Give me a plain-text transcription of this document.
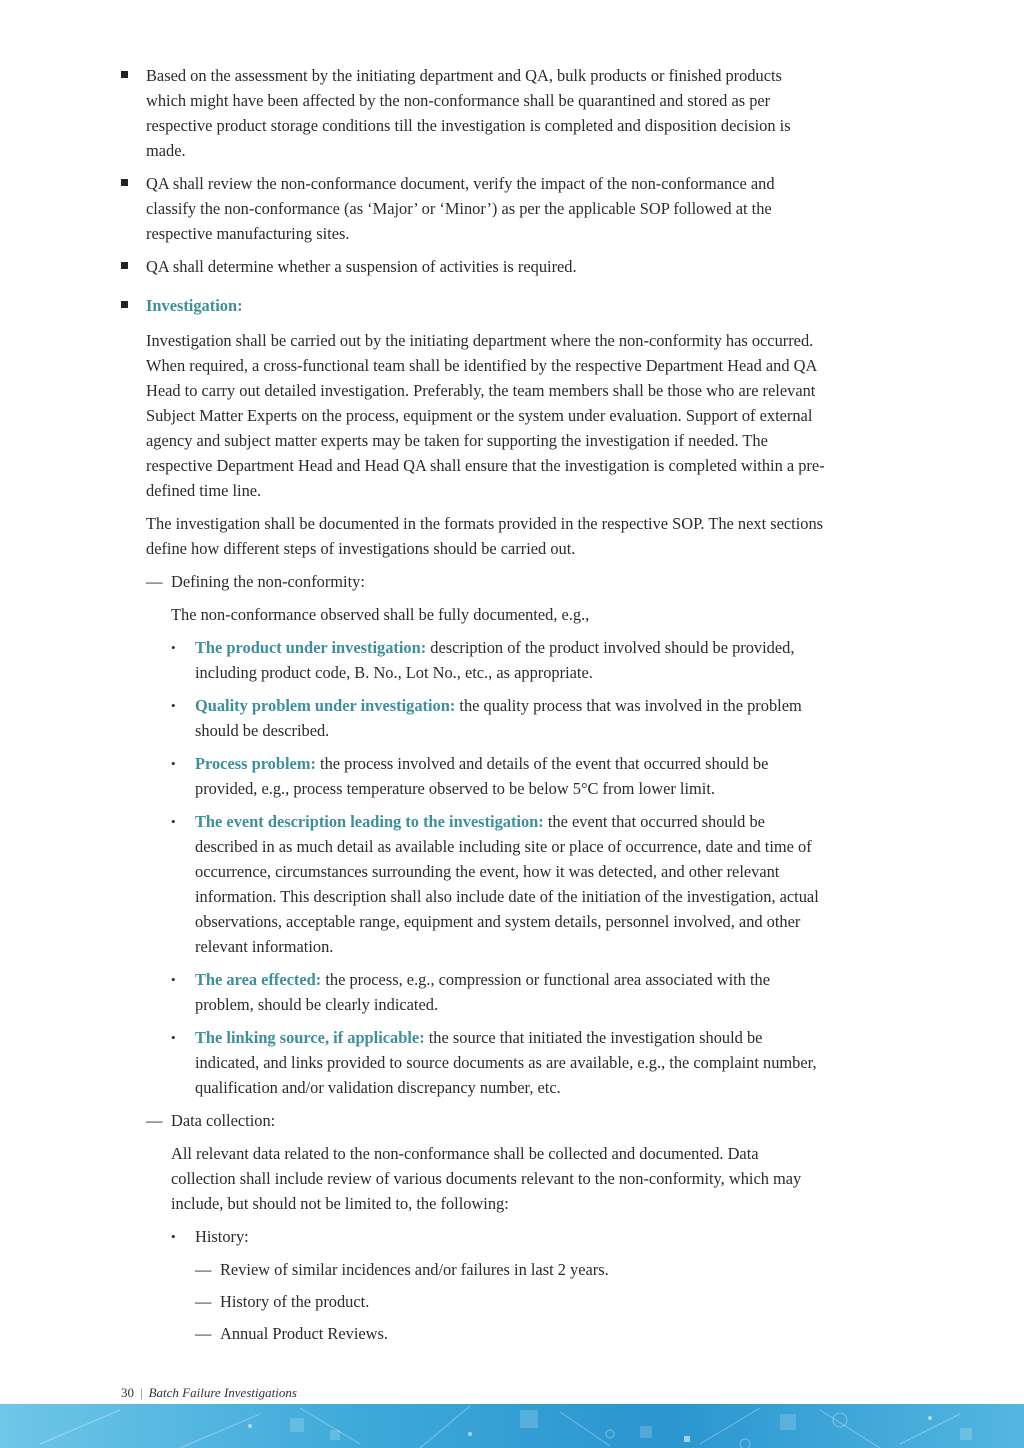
Based on the assessment by the initiating department and QA, bulk products or finished products which might have been affected by the non-conformance shall be quarantined and stored as per respective product storage conditions till the investigation is completed and disposition decision is made.
QA shall review the non-conformance document, verify the impact of the non-conformance and classify the non-conformance (as ‘Major’ or ‘Minor’) as per the applicable SOP followed at the respective manufacturing sites.
QA shall determine whether a suspension of activities is required.
Investigation:
Investigation shall be carried out by the initiating department where the non-conformity has occurred. When required, a cross-functional team shall be identified by the respective Department Head and QA Head to carry out detailed investigation. Preferably, the team members shall be those who are relevant Subject Matter Experts on the process, equipment or the system under evaluation. Support of external agency and subject matter experts may be taken for supporting the investigation if needed. The respective Department Head and Head QA shall ensure that the investigation is completed within a pre-defined time line.
The investigation shall be documented in the formats provided in the respective SOP. The next sections define how different steps of investigations should be carried out.
— Defining the non-conformity:
The non-conformance observed shall be fully documented, e.g.,
• The product under investigation: description of the product involved should be provided, including product code, B. No., Lot No., etc., as appropriate.
• Quality problem under investigation: the quality process that was involved in the problem should be described.
• Process problem: the process involved and details of the event that occurred should be provided, e.g., process temperature observed to be below 5°C from lower limit.
• The event description leading to the investigation: the event that occurred should be described in as much detail as available including site or place of occurrence, date and time of occurrence, circumstances surrounding the event, how it was detected, and other relevant information. This description shall also include date of the initiation of the investigation, actual observations, acceptable range, equipment and system details, personnel involved, and other relevant information.
• The area effected: the process, e.g., compression or functional area associated with the problem, should be clearly indicated.
• The linking source, if applicable: the source that initiated the investigation should be indicated, and links provided to source documents as are available, e.g., the complaint number, qualification and/or validation discrepancy number, etc.
— Data collection:
All relevant data related to the non-conformance shall be collected and documented. Data collection shall include review of various documents relevant to the non-conformity, which may include, but should not be limited to, the following:
• History:
— Review of similar incidences and/or failures in last 2 years.
— History of the product.
— Annual Product Reviews.
30 | Batch Failure Investigations
